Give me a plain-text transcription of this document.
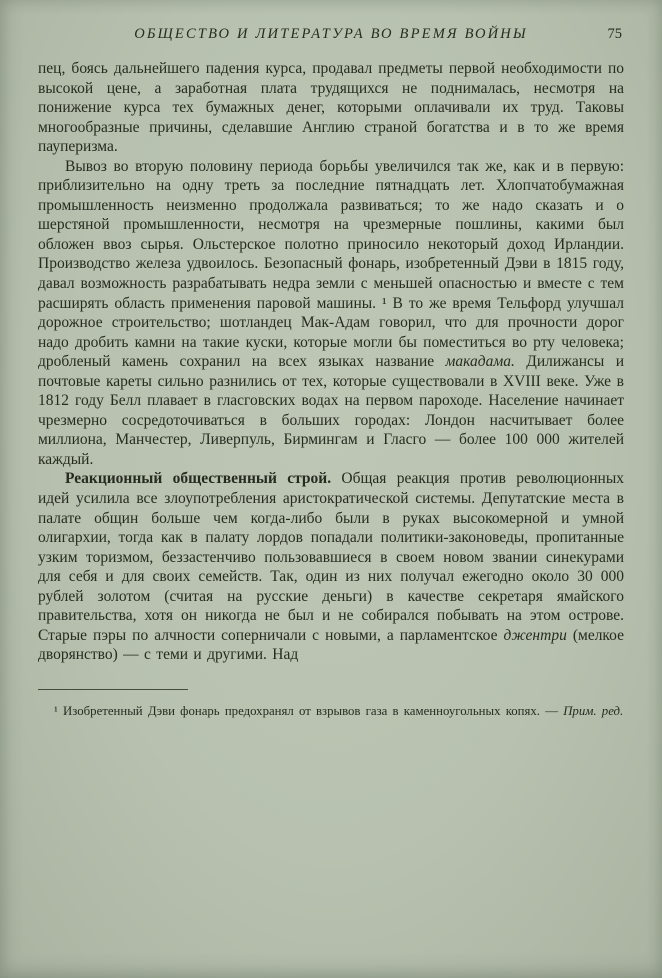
ОБЩЕСТВО И ЛИТЕРАТУРА ВО ВРЕМЯ ВОЙНЫ	75

пец, боясь дальнейшего падения курса, продавал предметы первой необходимости по высокой цене, а заработная плата трудящихся не поднималась, несмотря на понижение курса тех бумажных денег, которыми оплачивали их труд. Таковы многообразные причины, сделавшие Англию страной богатства и в то же время пауперизма.

Вывоз во вторую половину периода борьбы увеличился так же, как и в первую: приблизительно на одну треть за последние пятнадцать лет. Хлопчатобумажная промышленность неизменно продолжала развиваться; то же надо сказать и о шерстяной промышленности, несмотря на чрезмерные пошлины, какими был обложен ввоз сырья. Ольстерское полотно приносило некоторый доход Ирландии. Производство железа удвоилось. Безопасный фонарь, изобретенный Дэви в 1815 году, давал возможность разрабатывать недра земли с меньшей опасностью и вместе с тем расширять область применения паровой машины. ¹ В то же время Тельфорд улучшал дорожное строительство; шотландец Мак-Адам говорил, что для прочности дорог надо дробить камни на такие куски, которые могли бы поместиться во рту человека; дробленый камень сохранил на всех языках название макадама. Дилижансы и почтовые кареты сильно разнились от тех, которые существовали в XVIII веке. Уже в 1812 году Белл плавает в гласговских водах на первом пароходе. Население начинает чрезмерно сосредоточиваться в больших городах: Лондон насчитывает более миллиона, Манчестер, Ливерпуль, Бирмингам и Гласго — более 100 000 жителей каждый.

Реакционный общественный строй. Общая реакция против революционных идей усилила все злоупотребления аристократической системы. Депутатские места в палате общин больше чем когда-либо были в руках высокомерной и умной олигархии, тогда как в палату лордов попадали политики-законоведы, пропитанные узким торизмом, беззастенчиво пользовавшиеся в своем новом звании синекурами для себя и для своих семейств. Так, один из них получал ежегодно около 30 000 рублей золотом (считая на русские деньги) в качестве секретаря ямайского правительства, хотя он никогда не был и не собирался побывать на этом острове. Старые пэры по алчности соперничали с новыми, а парламентское джентри (мелкое дворянство) — с теми и другими. Над

¹ Изобретенный Дэви фонарь предохранял от взрывов газа в каменноугольных копях. — Прим. ред.
